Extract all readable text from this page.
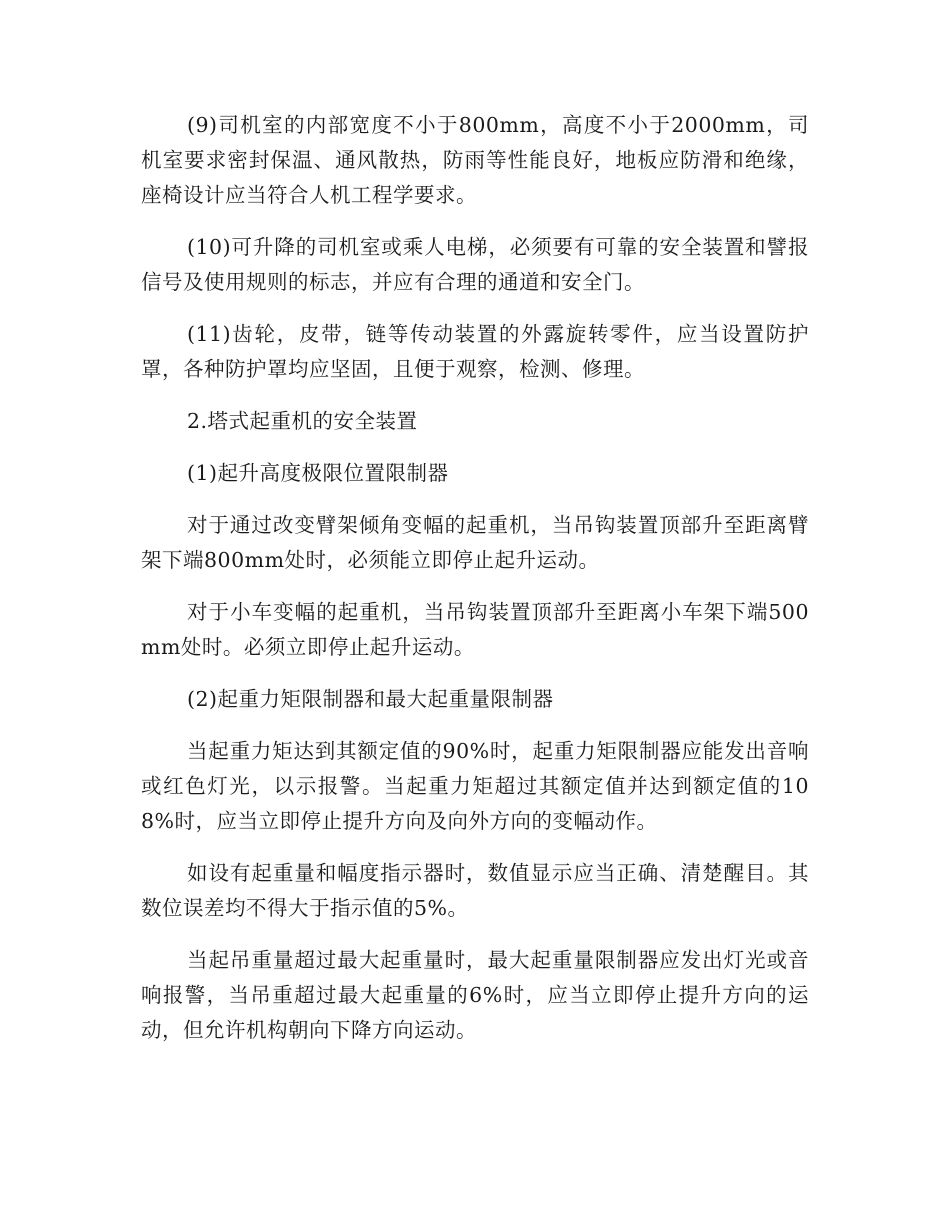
(9)司机室的内部宽度不小于800mm，高度不小于2000mm，司机室要求密封保温、通风散热，防雨等性能良好，地板应防滑和绝缘，座椅设计应当符合人机工程学要求。

(10)可升降的司机室或乘人电梯，必须要有可靠的安全装置和譬报信号及使用规则的标志，并应有合理的通道和安全门。

(11)齿轮，皮带，链等传动装置的外露旋转零件，应当设置防护罩，各种防护罩均应坚固，且便于观察，检测、修理。

2.塔式起重机的安全装置

(1)起升高度极限位置限制器

对于通过改变臂架倾角变幅的起重机，当吊钩装置顶部升至距离臂架下端800mm处时，必须能立即停止起升运动。

对于小车变幅的起重机，当吊钩装置顶部升至距离小车架下端500mm处时。必须立即停止起升运动。

(2)起重力矩限制器和最大起重量限制器

当起重力矩达到其额定值的90%时，起重力矩限制器应能发出音响或红色灯光，以示报警。当起重力矩超过其额定值并达到额定值的108%时，应当立即停止提升方向及向外方向的变幅动作。

如设有起重量和幅度指示器时，数值显示应当正确、清楚醒目。其数位误差均不得大于指示值的5%。

当起吊重量超过最大起重量时，最大起重量限制器应发出灯光或音响报警，当吊重超过最大起重量的6%时，应当立即停止提升方向的运动，但允许机构朝向下降方向运动。
